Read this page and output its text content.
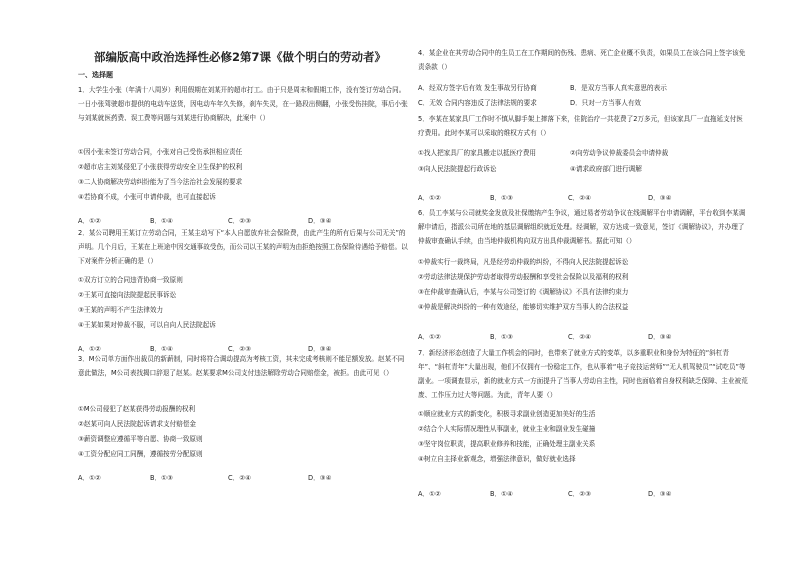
部编版高中政治选择性必修2第7课《做个明白的劳动者》
一、选择题
1．大学生小张（年满十八周岁）利用假期在刘某开的超市打工。由于只是周末和假期工作，没有签订劳动合同。一日小张驾驶超市提供的电动车送货，因电动车年久失修，刹车失灵，在一路段出侧翻，小张受伤挂院，事后小张与刘某就医药费、误工费等问题与刘某进行协商解决，此案中（）
①因小张未签订劳动合同，小张对自己受伤承担相应责任
②超市店主刘某侵犯了小张获得劳动安全卫生保护的权利
③二人协商解决劳动纠纷能为了当今法治社会发展的要求
④若协商不成，小张可申请仲裁，也可直接起诉
A．①②	B．①④	C．②③	D．③④
2．某公司聘用王某订立劳动合同，王某主动写下“本人自愿放弃社会保险费，由此产生的所有后果与公司无关”的声明。几个月后，王某在上班途中因交通事故受伤，而公司以王某的声明为由拒绝按照工伤保险待遇给予赔偿。以下对案件分析正确的是（）
①双方订立的合同违背协商一致原则
②王某可直接向法院提起民事诉讼
③王某的声明不产生法律效力
④王某如果对仲裁不服，可以自向人民法院起诉
A．①②	B．①④	C．②③	D．③④
3．M公司单方面作出裁员的新薪制，同时将符合调动提高为考核工资，其未完成考核则不能足额发放。赵某不同意此做法，M公司表找揭口辞退了赵某。赵某要求M公司支付违法解除劳动合同赔偿金，被拒。由此可见（）
①M公司侵犯了赵某获得劳动报酬的权利
②赵某可向人民法院起诉请求支付赔偿金
③薪资调整应遵循平等自愿、协商一致原则
④工资分配应同工同酬，遵循按劳分配原则
A．①②	B．①③	C．②④	D．③④
4．某企业在其劳动合同中的生员工在工作期间的伤残、患病、死亡企业概不负责，如果员工在该合同上签字该免责条款（）
A．经双方签字后有效 发生事故另行协商	B．是双方当事人真实意思的表示
C．无效 合同内容违反了法律法规的要求	D．只对一方当事人有效
5．李某在某家具厂工作时不慎从脚手架上摔落下来，住院治疗一共花费了2万多元，但该家具厂一直拖延支付医疗费用。此时李某可以采取的维权方式有（）
①找人把家具厂的家具搬走以抵医疗费用	②向劳动争议仲裁委员会申请仲裁
③向人民法院提起行政诉讼	④请求政府部门进行调解
A．①②	B．①③	C．②④	D．③④
6．员工李某与公司就奖金发放及社保缴纳产生争议，通过易者劳动争议在线调解平台申请调解，平台收到李某调解申请后，指派公司所在地的基层调解组织就近处理。经调解，双方达成一致意见，签订《调解协议》，并办理了仲裁审查确认手续，由当地仲裁机构向双方出具仲裁调解书。据此可知（）
①仲裁实行一裁终局，凡是经劳动仲裁的纠纷，不得向人民法院提起诉讼
②劳动法律法规保护劳动者取得劳动报酬和享受社会保险以及福利的权利
③在仲裁审查确认后，李某与公司签订的《调解协议》不具有法律约束力
④仲裁是解决纠纷的一种有效途径，能够切实维护双方当事人的合法权益
A．①②	B．①③	C．②④	D．③④
7．新经济形态创造了大量工作机会的同时，也带来了就业方式的变革，以多重职业和身份为特征的“斜杠青年”、“斜杠青年”大量出现，他们不仅拥有一份稳定工作，也从事着“电子竞技运营师”“无人机驾驶员”“试吃员”等副业。一项调查显示，新的就业方式一方面提升了当事人劳动自主性，同时也面临着自身权利缺乏保障、主业被荒废、工作压力过大等问题。为此，青年人要（）
①顺应就业方式的新变化，积极寻求副业创造更加美好的生活
②结合个人实际情况理性从事副业，就业主业和副业发生碰撞
③坚守岗位职责，提高职业修养和技能，正确处理主副业关系
④树立自主择业新观念，增强法律意识，做好就业选择
A．①②	B．①④	C．②③	D．③④
